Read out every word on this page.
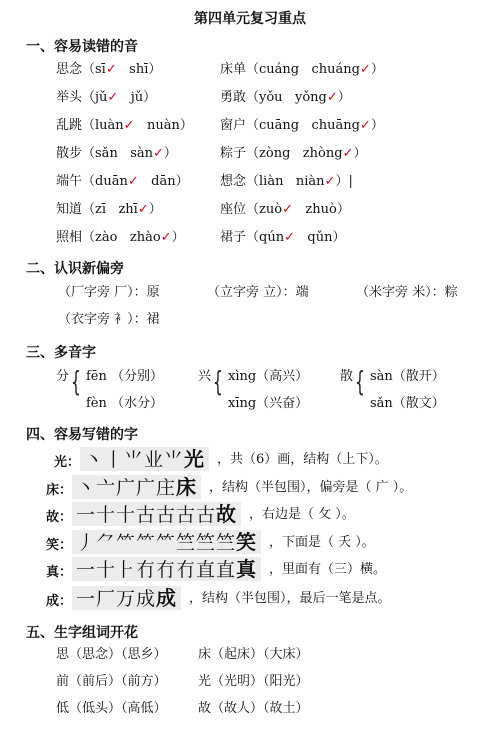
第四单元复习重点
一、容易读错的音
思念（sī✓ shī）
举头（jǔ✓ jǔ）
乱跳（luàn✓ nuàn）
散步（sǎn sàn✓）
端午（duān✓ dān）
知道（zī zhī✓）
照相（zào zhào✓）
床单（cuáng chuáng✓）
勇敢（yǒu yǒng✓）
窗户（cuāng chuāng✓）
粽子（zòng zhòng✓）
想念（liàn niàn✓）|
座位（zuò✓ zhuò）
裙子（qún✓ qǔn）
二、认识新偏旁
（厂字旁 厂）：原	（立字旁 立）：端	（米字旁 米）：粽
（衣字旁 衤）：裙
三、多音字
分 { fēn （分别）
fèn （水分）
兴 { xìng（高兴）
xīng（兴奋）
散 { sàn（散开）
sǎn（散文）
四、容易写错的字
光： 丶丨⺌业⺌光 ，共（6）画，结构（上下）。
床： 丶亠广广庄床 ，结构（半包围），偏旁是（ 广 ）。
故： 一十十古古古古故 ，右边是（ 攵 ）。
笑： 丿⺈⺮⺮⺮竺竺竺笑 ，下面是（ 夭 ）。
真： 一十⺊冇冇冇直直真 ，里面有（三）横。
成： 一厂万成成 ，结构（半包围），最后一笔是点。
五、生字组词开花
思（思念）（思乡） 床（起床）（大床）
前（前后）（前方） 光（光明）（阳光）
低（低头）（高低） 故（故人）（故土）
